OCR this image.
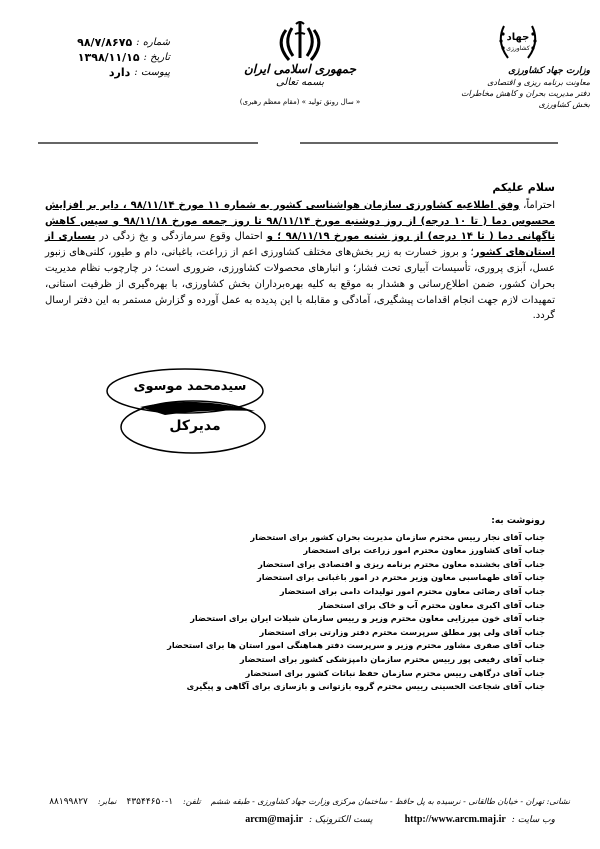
شماره :
۹۸/۷/۸۶۷۵
تاریخ :
۱۳۹۸/۱۱/۱۵
پیوست :
دارد	جمهوری اسلامی ایران
بسمه تعالی
« سال رونق تولید » (مقام معظم رهبری)
جهاد
کشاورزی
وزارت جهاد کشاورزی
معاونت برنامه ریزی و اقتصادی
دفتر مدیریت بحران و کاهش مخاطرات
بخش کشاورزی
سلام علیکم

احتراماً، وفق اطلاعیه کشاورزی سازمان هواشناسی کشور به شماره ۱۱ مورخ ۹۸/۱۱/۱۴ ، دایر بر افزایش محسوس دما ( تا ۱۰ درجه) از روز دوشنبه مورخ ۹۸/۱۱/۱۴ تا روز جمعه مورخ ۹۸/۱۱/۱۸ و سپس کاهش ناگهانی دما ( تا ۱۴ درجه) از روز شنبه مورخ ۹۸/۱۱/۱۹ ؛ و احتمال وقوع سرمازدگی و یخ زدگی در بسیاری از استان‌های کشور؛ و بروز خسارت به زیر بخش‌های مختلف کشاورزی اعم از زراعت، باغبانی، دام و طیور، کلنی‌های زنبور عسل، آبزی پروری، تأسیسات آبیاری تحت فشار؛ و انبارهای محصولات کشاورزی، ضروری است؛ در چارچوب نظام مدیریت بحران کشور، ضمن اطلاع‌رسانی و هشدار به موقع به کلیه بهره‌برداران بخش کشاورزی، با بهره‌گیری از ظرفیت استانی، تمهیدات لازم جهت انجام اقدامات پیشگیری، آمادگی و مقابله با این پدیده به عمل آورده و گزارش مستمر به این دفتر ارسال گردد.

سیدمحمد موسوی
مدیرکل
رونوشت به:
جناب آقای نجار رییس محترم سازمان مدیریت بحران کشور برای استحضار
جناب آقای کشاورز معاون محترم امور زراعت برای استحضار
جناب آقای بخشنده معاون محترم برنامه ریزی و اقتصادی برای استحضار
جناب آقای طهماسبی معاون وزیر محترم در امور باغبانی برای استحضار
جناب آقای رضائی معاون محترم امور تولیدات دامی برای استحضار
جناب آقای اکبری معاون محترم آب و خاک برای استحضار
جناب آقای خون میرزایی معاون محترم وزیر و رییس سازمان شیلات ایران برای استحضار
جناب آقای ولی پور مطلق سرپرست محترم دفتر وزارتی برای استحضار
جناب آقای صفری مشاور محترم وزیر و سرپرست دفتر هماهنگی امور استان ها برای استحضار
جناب آقای رفیعی پور رییس محترم سازمان دامپزشکی کشور برای استحضار
جناب آقای درگاهی رییس محترم سازمان حفظ نباتات کشور برای استحضار
جناب آقای شجاعت الحسینی رییس محترم گروه بازتوانی و بازسازی برای آگاهی و پیگیری
نشانی: تهران - خیابان طالقانی - نرسیده به پل حافظ - ساختمان مرکزی وزارت جهاد کشاورزی - طبقه ششم
تلفن:
۴۳۵۴۴۶۵۰-۱
نمابر:
۸۸۱۹۹۸۲۷
وب سایت :
http://www.arcm.maj.ir
پست الکترونیک :
arcm@maj.ir
